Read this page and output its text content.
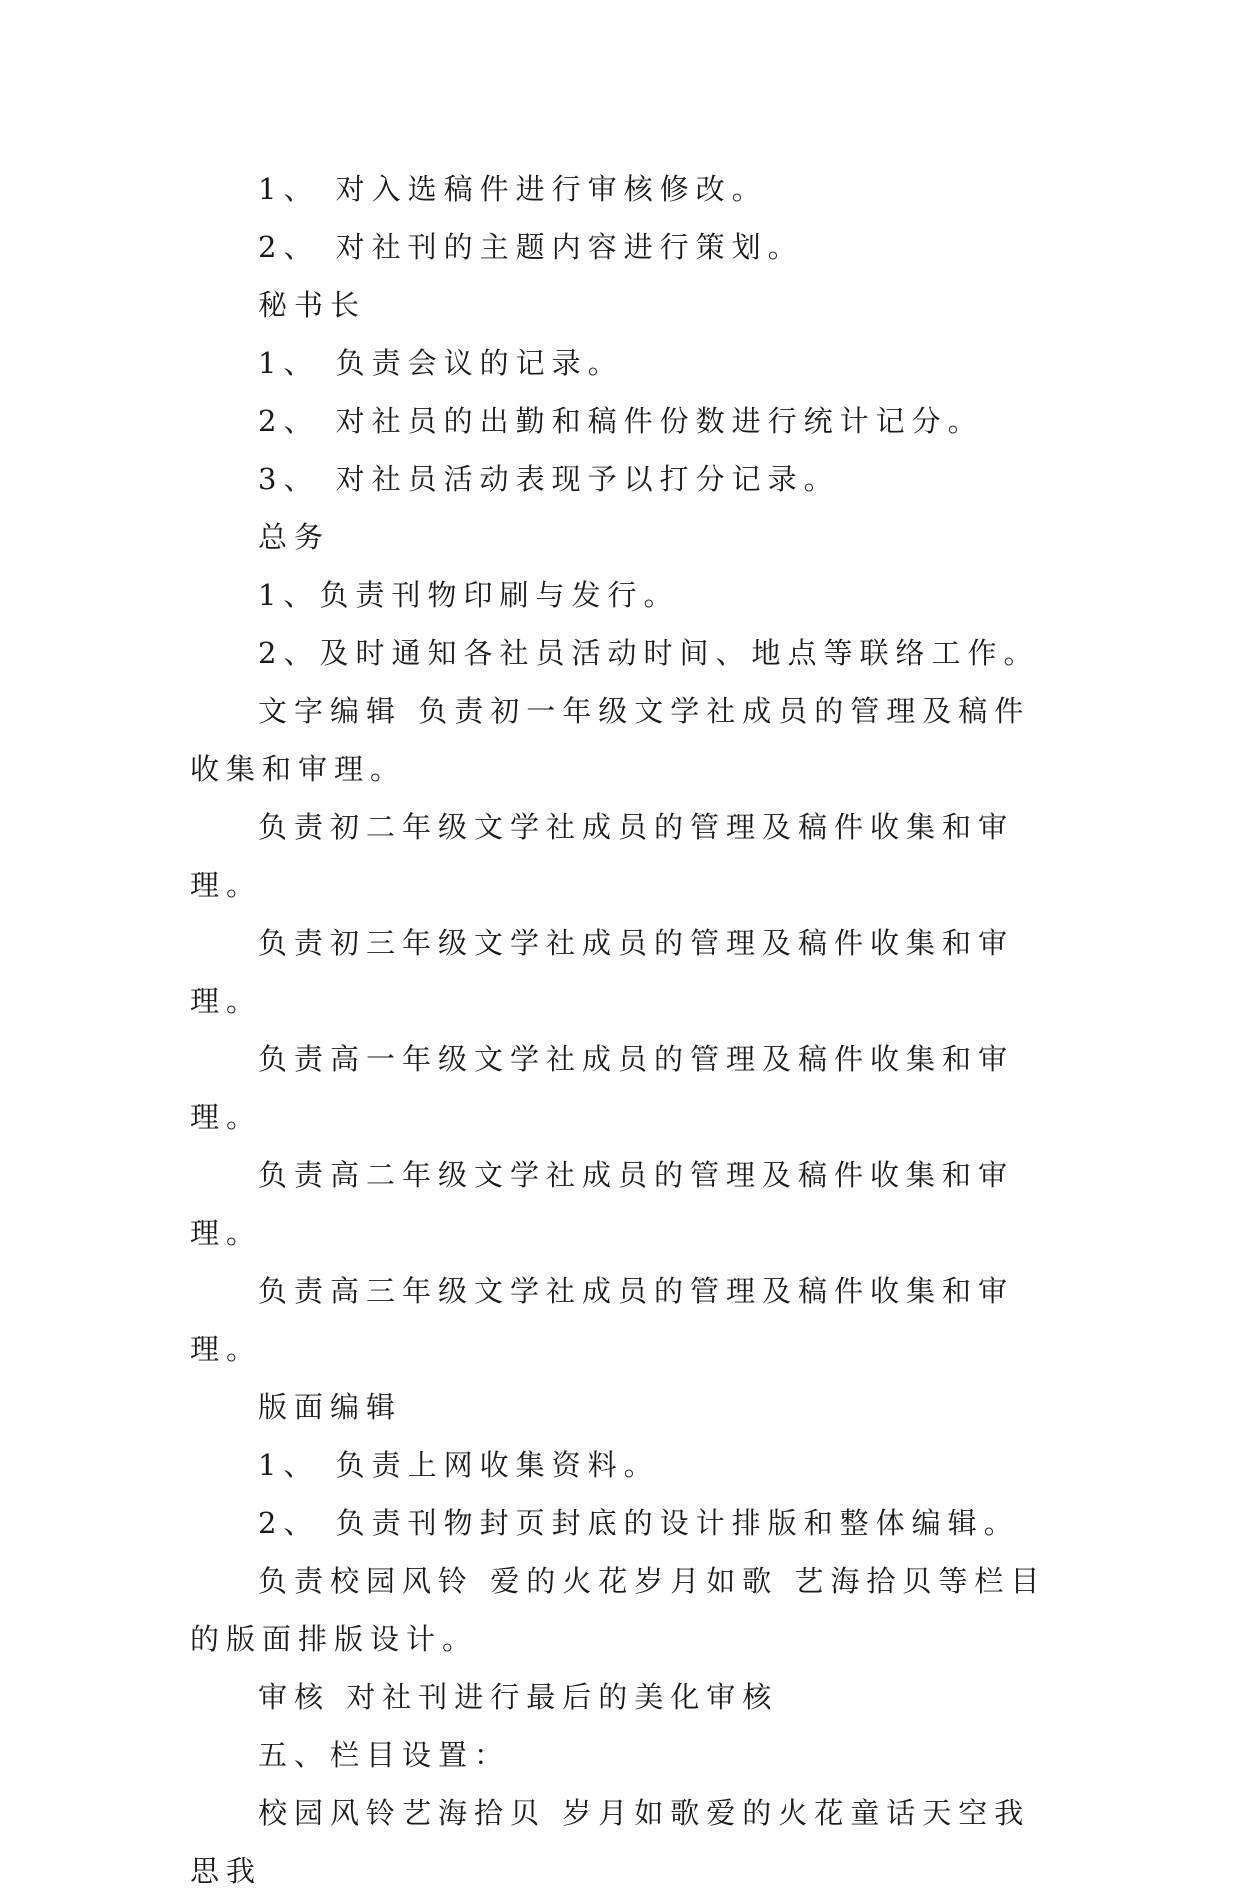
1、 对入选稿件进行审核修改。

2、 对社刊的主题内容进行策划。

秘书长

1、 负责会议的记录。

2、 对社员的出勤和稿件份数进行统计记分。

3、 对社员活动表现予以打分记录。

总务

1、负责刊物印刷与发行。

2、及时通知各社员活动时间、地点等联络工作。

文字编辑 负责初一年级文学社成员的管理及稿件收集和审理。

负责初二年级文学社成员的管理及稿件收集和审理。

负责初三年级文学社成员的管理及稿件收集和审理。

负责高一年级文学社成员的管理及稿件收集和审理。

负责高二年级文学社成员的管理及稿件收集和审理。

负责高三年级文学社成员的管理及稿件收集和审理。

版面编辑

1、 负责上网收集资料。

2、 负责刊物封页封底的设计排版和整体编辑。

负责校园风铃 爱的火花岁月如歌 艺海拾贝等栏目的版面排版设计。

审核 对社刊进行最后的美化审核

五、栏目设置：

校园风铃艺海拾贝 岁月如歌爱的火花童话天空我思我
